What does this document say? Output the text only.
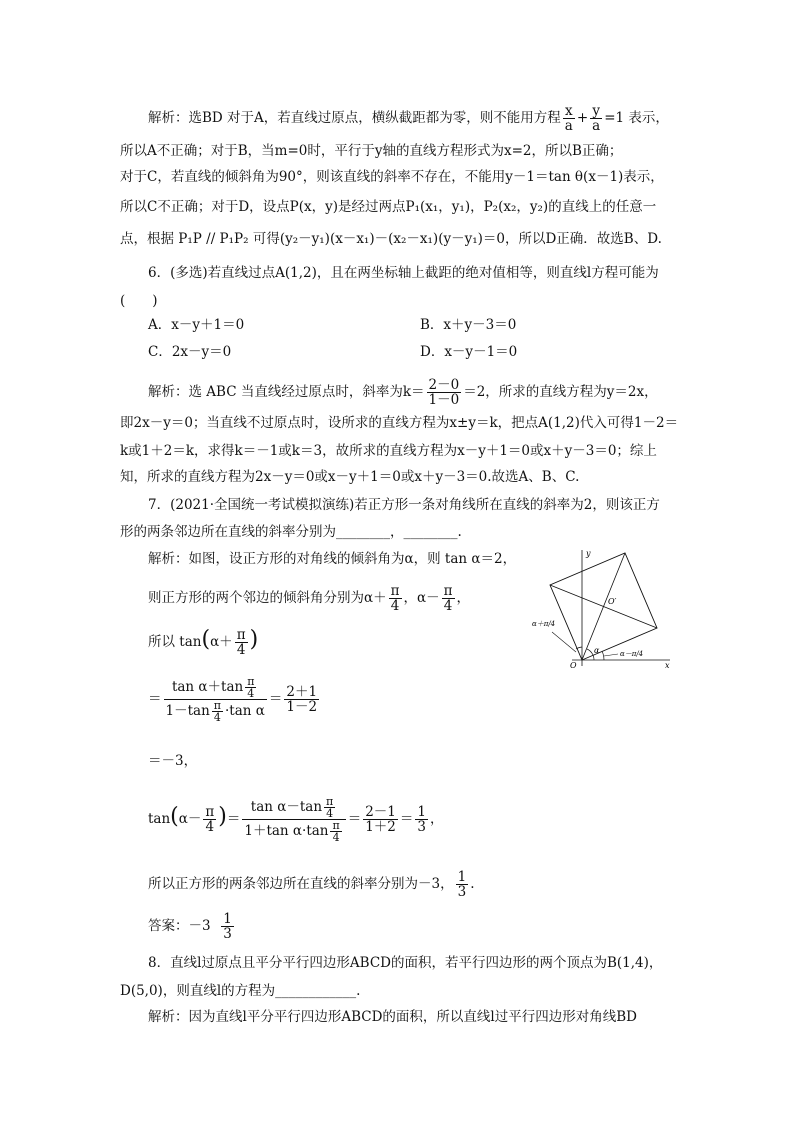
解析：选BD 对于A，若直线过原点，横纵截距都为零，则不能用方程 $\frac{x}{a} + \frac{y}{a} =1$ 表示，
所以A不正确；对于B，当m=0时，平行于y轴的直线方程形式为x=2，所以B正确；
对于C，若直线的倾斜角为90°，则该直线的斜率不存在，不能用y－1＝tan θ(x－1)表示，
所以C不正确；对于D，设点P(x，y)是经过两点P₁(x₁，y₁)，P₂(x₂，y₂)的直线上的任意一
点，根据 P₁P // P₁P₂ 可得(y₂－y₁)(x－x₁)－(x₂－x₁)(y－y₁)＝0，所以D正确．故选B、D.
6．(多选)若直线过点A(1,2)，且在两坐标轴上截距的绝对值相等，则直线l方程可能为
(　　)
A．x－y＋1＝0	B．x＋y－3＝0
C．2x－y＝0	D．x－y－1＝0
解析：选 ABC 当直线经过原点时，斜率为$k= \frac{2-0}{1-0} =2$，所求的直线方程为y＝2x，
即2x－y＝0；当直线不过原点时，设所求的直线方程为x±y＝k，把点A(1,2)代入可得1－2＝
k或1＋2＝k，求得k＝－1或k＝3，故所求的直线方程为x－y＋1＝0或x＋y－3＝0；综上
知，所求的直线方程为2x－y＝0或x－y＋1＝0或x＋y－3＝0.故选A、B、C.
7．(2021·全国统一考试模拟演练)若正方形一条对角线所在直线的斜率为2，则该正方
形的两条邻边所在直线的斜率分别为________，________.
解析：如图，设正方形的对角线的倾斜角为α，则 tan α＝2，
则正方形的两个邻边的倾斜角分别为$\alpha+ \frac{\pi}{4}$ ，$\alpha- \frac{\pi}{4}$ ，
所以 $\tan(\alpha+ \frac{\pi}{4}$ )
＝ $\frac{\tan \alpha+\tan \frac{\pi}{4}}{1-\tan \frac{\pi}{4} \cdot\tan \alpha} = \frac{2+1}{1-2}$
＝－3，
$\tan(\alpha- \frac{\pi}{4}$ )＝ $\frac{\tan \alpha-\tan \frac{\pi}{4}}{1+\tan \alpha\cdot\tan \frac{\pi}{4}} = \frac{2-1}{1+2} = \frac{1}{3}$ ，
所以正方形的两条邻边所在直线的斜率分别为－3， $\frac{1}{3}$ .
答案：$-3 \frac{1}{3}$
8．直线l过原点且平分平行四边形ABCD的面积，若平行四边形的两个顶点为B(1,4)，
D(5,0)，则直线l的方程为____________.
解析：因为直线l平分平行四边形ABCD的面积，所以直线l过平行四边形对角线BD
x
y
O
O′
α
α＋π/4
α－π/4
